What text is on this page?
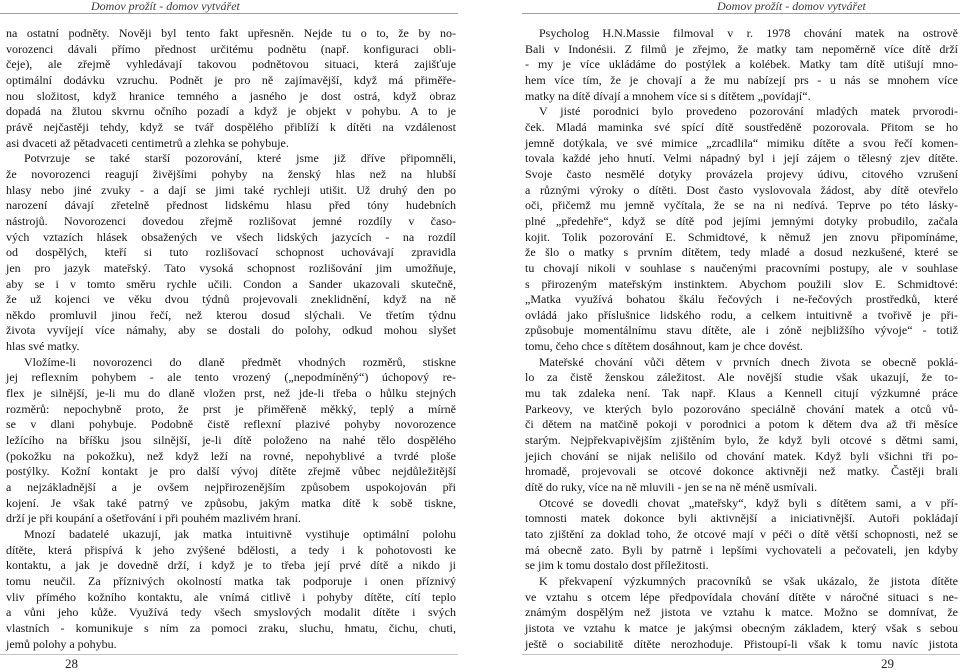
Domov prožít - domov vytvářet	Domov prožít - domov vytvářet
na ostatní podněty. Nověji byl tento fakt upřesněn. Nejde tu o to, že by no-
vorozenci dávali přímo přednost určitému podnětu (např. konfiguraci obli-
čeje), ale zřejmě vyhledávají takovou podnětovou situaci, která zajišťuje
optimální dodávku vzruchu. Podnět je pro ně zajímavější, když má přiměře-
nou složitost, když hranice temného a jasného je dost ostrá, když obraz
dopadá na žlutou skvrnu očního pozadí a když je objekt v pohybu. A to je
právě nejčastěji tehdy, když se tvář dospělého přiblíží k dítěti na vzdálenost
asi dvaceti až pětadvaceti centimetrů a zlehka se pohybuje.
Potvrzuje se také starší pozorování, které jsme již dříve připomněli,
že novorozenci reagují živějšími pohyby na ženský hlas než na hlubší
hlasy nebo jiné zvuky - a dají se jimi také rychleji utišit. Už druhý den po
narození dávají zřetelně přednost lidskému hlasu před tóny hudebních
nástrojů. Novorozenci dovedou zřejmě rozlišovat jemné rozdíly v časo-
vých vztazích hlásek obsažených ve všech lidských jazycích - na rozdíl
od dospělých, kteří si tuto rozlišovací schopnost uchovávají zpravidla
jen pro jazyk mateřský. Tato vysoká schopnost rozlišování jim umožňuje,
aby se i v tomto směru rychle učili. Condon a Sander ukazovali skutečně,
že už kojenci ve věku dvou týdnů projevovali zneklidnění, když na ně
někdo promluvil jinou řečí, než kterou dosud slýchali. Ve třetím týdnu
života vyvíjejí více námahy, aby se dostali do polohy, odkud mohou slyšet
hlas své matky.
Vložíme-li novorozenci do dlaně předmět vhodných rozměrů, stiskne
jej reflexním pohybem - ale tento vrozený („nepodmíněný“) úchopový re-
flex je silnější, je-li mu do dlaně vložen prst, než jde-li třeba o hůlku stejných
rozměrů: nepochybně proto, že prst je přiměřeně měkký, teplý a mírně
se v dlani pohybuje. Podobně čistě reflexní plazivé pohyby novorozence
ležícího na bříšku jsou silnější, je-li dítě položeno na nahé tělo dospělého
(pokožku na pokožku), než když leží na rovné, nepohyblivé a tvrdé ploše
postýlky. Kožní kontakt je pro další vývoj dítěte zřejmě vůbec nejdůležitější
a nejzákladnější a je ovšem nejpřirozenějším způsobem uspokojován při
kojení. Je však také patrný ve způsobu, jakým matka dítě k sobě tiskne,
drží je při koupání a ošetřování i při pouhém mazlivém hraní.
Mnozí badatelé ukazují, jak matka intuitivně vystihuje optimální polohu
dítěte, která přispívá k jeho zvýšené bdělosti, a tedy i k pohotovosti ke
kontaktu, a jak je dovedně drží, i když je to třeba její prvé dítě a nikdo ji
tomu neučil. Za příznivých okolností matka tak podporuje i onen příznivý
vliv přímého kožního kontaktu, ale vnímá citlivě i pohyby dítěte, cítí teplo
a vůni jeho kůže. Využívá tedy všech smyslových modalit dítěte i svých
vlastních - komunikuje s ním za pomoci zraku, sluchu, hmatu, čichu, chuti,
jemů polohy a pohybu.
Psycholog H.N.Massie filmoval v r. 1978 chování matek na ostrově
Bali v Indonésii. Z filmů je zřejmo, že matky tam nepoměrně více dítě drží
- my je více ukládáme do postýlek a kolébek. Matky tam dítě utišují mno-
hem více tím, že je chovají a že mu nabízejí prs - u nás se mnohem více
matky na dítě dívají a mnohem více si s dítětem „povídají“.
V jisté porodnici bylo provedeno pozorování mladých matek prvorodi-
ček. Mladá maminka své spící dítě soustředěně pozorovala. Přitom se ho
jemně dotýkala, ve své mimice „zrcadlila“ mimiku dítěte a svou řečí komen-
tovala každé jeho hnutí. Velmi nápadný byl i její zájem o tělesný zjev dítěte.
Svoje často nesmělé dotyky provázela projevy údivu, citového vzrušení
a různými výroky o dítěti. Dost často vyslovovala žádost, aby dítě otevřelo
oči, přičemž mu jemně vyčítala, že se na ni nedívá. Teprve po této lásky-
plné „předehře“, když se dítě pod jejími jemnými dotyky probudilo, začala
kojit. Tolik pozorování E. Schmidtové, k němuž jen znovu připomínáme,
že šlo o matky s prvním dítětem, tedy mladé a dosud nezkušené, které se
tu chovají nikoli v souhlase s naučenými pracovními postupy, ale v souhlase
s přirozeným mateřským instinktem. Abychom použili slov E. Schmidtové:
„Matka využívá bohatou škálu řečových i ne-řečových prostředků, které
ovládá jako příslušnice lidského rodu, a celkem intuitivně a tvořivě je při-
způsobuje momentálnímu stavu dítěte, ale i zóně nejbližšího vývoje“ - totiž
tomu, čeho chce s dítětem dosáhnout, kam je chce dovést.
Mateřské chování vůči dětem v prvních dnech života se obecně poklá-
lo za čistě ženskou záležitost. Ale novější studie však ukazují, že to-
mu tak zdaleka není. Tak např. Klaus a Kennell citují výzkumné práce
Parkeovy, ve kterých bylo pozorováno speciálně chování matek a otců vů-
či dětem na matčině pokoji v porodnici a potom k dětem dva až tři měsíce
starým. Nejpřekvapivějším zjištěním bylo, že když byli otcové s dětmi sami,
jejich chování se nijak nelišilo od chování matek. Když byli všichni tři po-
hromadě, projevovali se otcové dokonce aktivněji než matky. Častěji brali
dítě do ruky, více na ně mluvili - jen se na ně méně usmívali.
Otcové se dovedli chovat „mateřsky“, když byli s dítětem sami, a v pří-
tomnosti matek dokonce byli aktivnější a iniciativnější. Autoři pokládají
tato zjištění za doklad toho, že otcové mají v péči o dítě větší schopnosti, než se
má obecně zato. Byli by patrně i lepšími vychovateli a pečovateli, jen kdyby
se jim k tomu dostalo dost příležitosti.
K překvapení výzkumných pracovníků se však ukázalo, že jistota dítěte
ve vztahu s otcem lépe předpovídala chování dítěte v náročné situaci s ne-
známým dospělým než jistota ve vztahu k matce. Možno se domnívat, že
jistota ve vztahu k matce je jakýmsi obecným základem, který však s sebou
ještě o sociabilitě dítěte nerozhoduje. Přistoupí-li však k tomu navíc jistota
28	29
